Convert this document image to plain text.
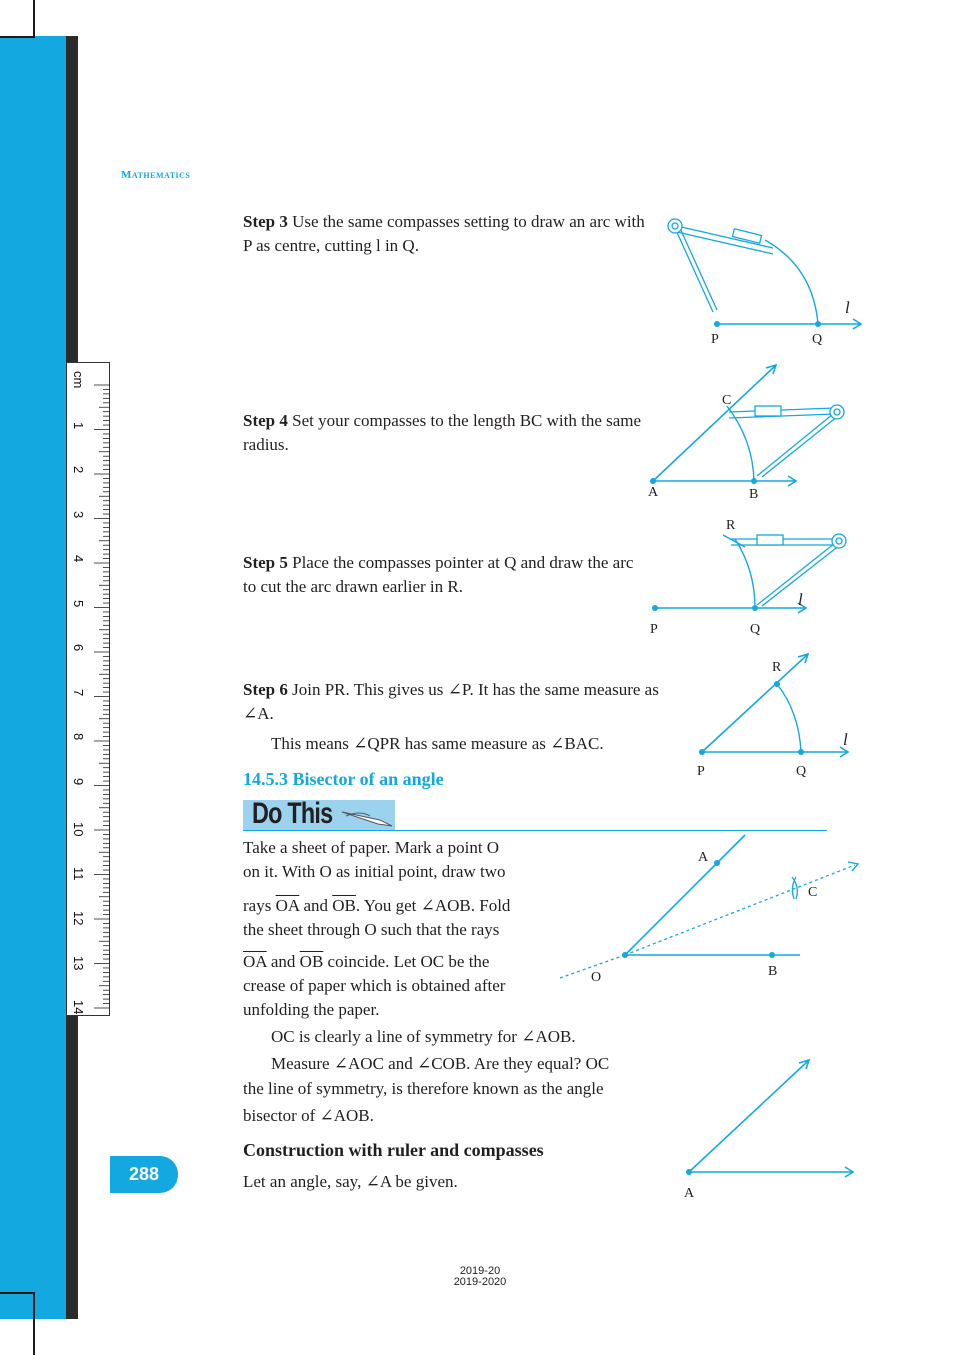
cm
1
2
3
4
5
6
7
8
9
10
11
12
13
14
Mathematics
Step 3 Use the same compasses setting to draw an arc with P as centre, cutting l in Q.
Step 4 Set your compasses to the length BC with the same radius.
Step 5 Place the compasses pointer at Q and draw the arc to cut the arc drawn earlier in R.
Step 6 Join PR. This gives us ∠P. It has the same measure as ∠A.
This means ∠QPR has same measure as ∠BAC.
14.5.3 Bisector of an angle
Do This
Take a sheet of paper. Mark a point O
on it. With O as initial point, draw two
rays $\overline{OA}$ and $\overline{OB}$. You get ∠AOB. Fold
the sheet through O such that the rays
$\overline{OA}$ and $\overline{OB}$ coincide. Let OC be the
crease of paper which is obtained after
unfolding the paper.
OC is clearly a line of symmetry for ∠AOB.
Measure ∠AOC and ∠COB. Are they equal? OC
the line of symmetry, is therefore known as the angle
bisector of ∠AOB.
Construction with ruler and compasses
Let an angle, say, ∠A be given.
288
2019-20
2019-2020
P	Q
l
A	B
C
P	Q
R
l
P	Q
R
l
A
B
C
O
A
